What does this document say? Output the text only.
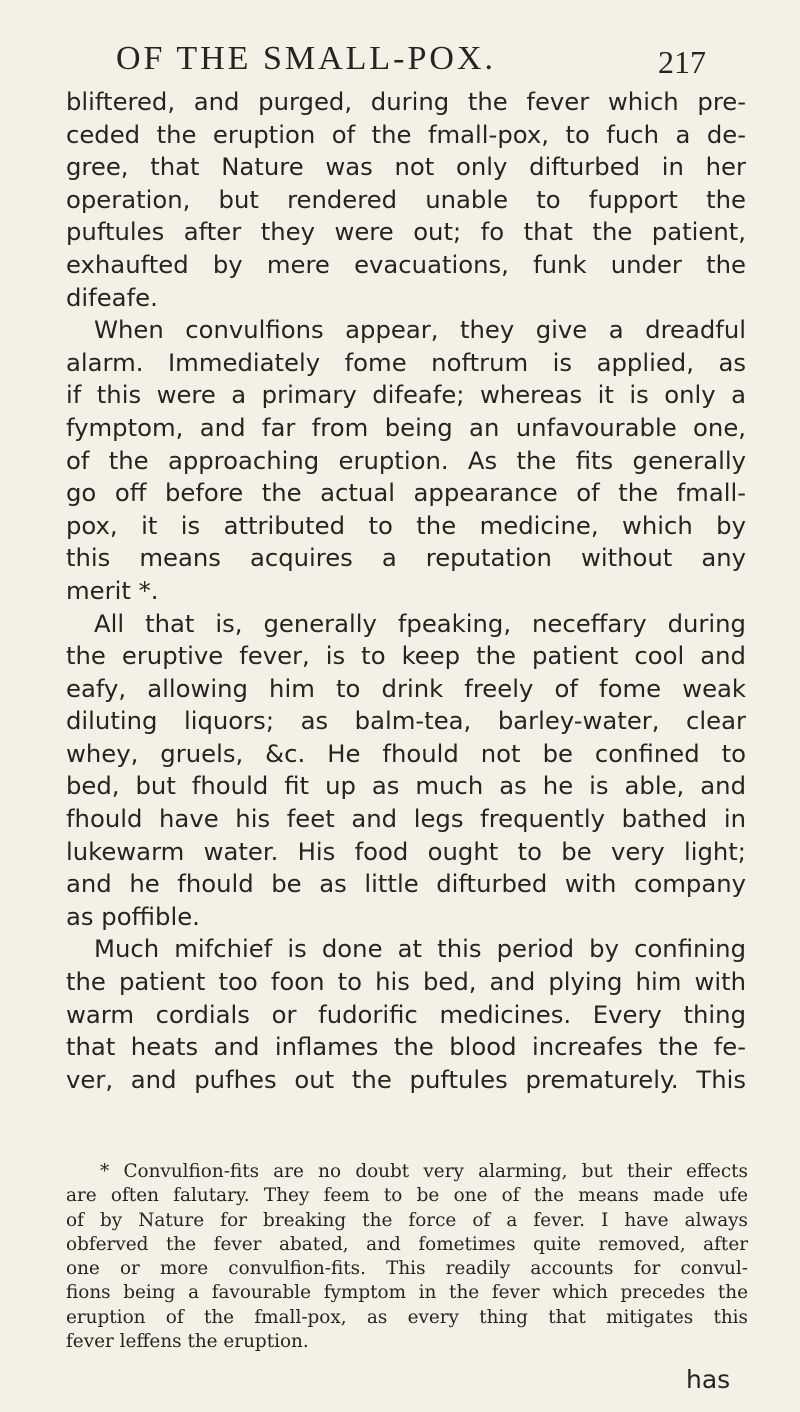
OF THE SMALL-POX.	217
bliftered, and purged, during the fever which pre-
ceded the eruption of the fmall-pox, to fuch a de-
gree, that Nature was not only difturbed in her
operation, but rendered unable to fupport the
puftules after they were out; fo that the patient,
exhaufted by mere evacuations, funk under the
difeafe.
When convulfions appear, they give a dreadful
alarm. Immediately fome noftrum is applied, as
if this were a primary difeafe; whereas it is only a
fymptom, and far from being an unfavourable one,
of the approaching eruption. As the fits generally
go off before the actual appearance of the fmall-
pox, it is attributed to the medicine, which by
this means acquires a reputation without any
merit *.
All that is, generally fpeaking, neceffary during
the eruptive fever, is to keep the patient cool and
eafy, allowing him to drink freely of fome weak
diluting liquors; as balm-tea, barley-water, clear
whey, gruels, &c. He fhould not be confined to
bed, but fhould fit up as much as he is able, and
fhould have his feet and legs frequently bathed in
lukewarm water. His food ought to be very light;
and he fhould be as little difturbed with company
as poffible.
Much mifchief is done at this period by confining
the patient too foon to his bed, and plying him with
warm cordials or fudorific medicines. Every thing
that heats and inflames the blood increafes the fe-
ver, and pufhes out the puftules prematurely. This
* Convulfion-fits are no doubt very alarming, but their effects
are often falutary. They feem to be one of the means made ufe
of by Nature for breaking the force of a fever. I have always
obferved the fever abated, and fometimes quite removed, after
one or more convulfion-fits. This readily accounts for convul-
fions being a favourable fymptom in the fever which precedes the
eruption of the fmall-pox, as every thing that mitigates this
fever leffens the eruption.
has
